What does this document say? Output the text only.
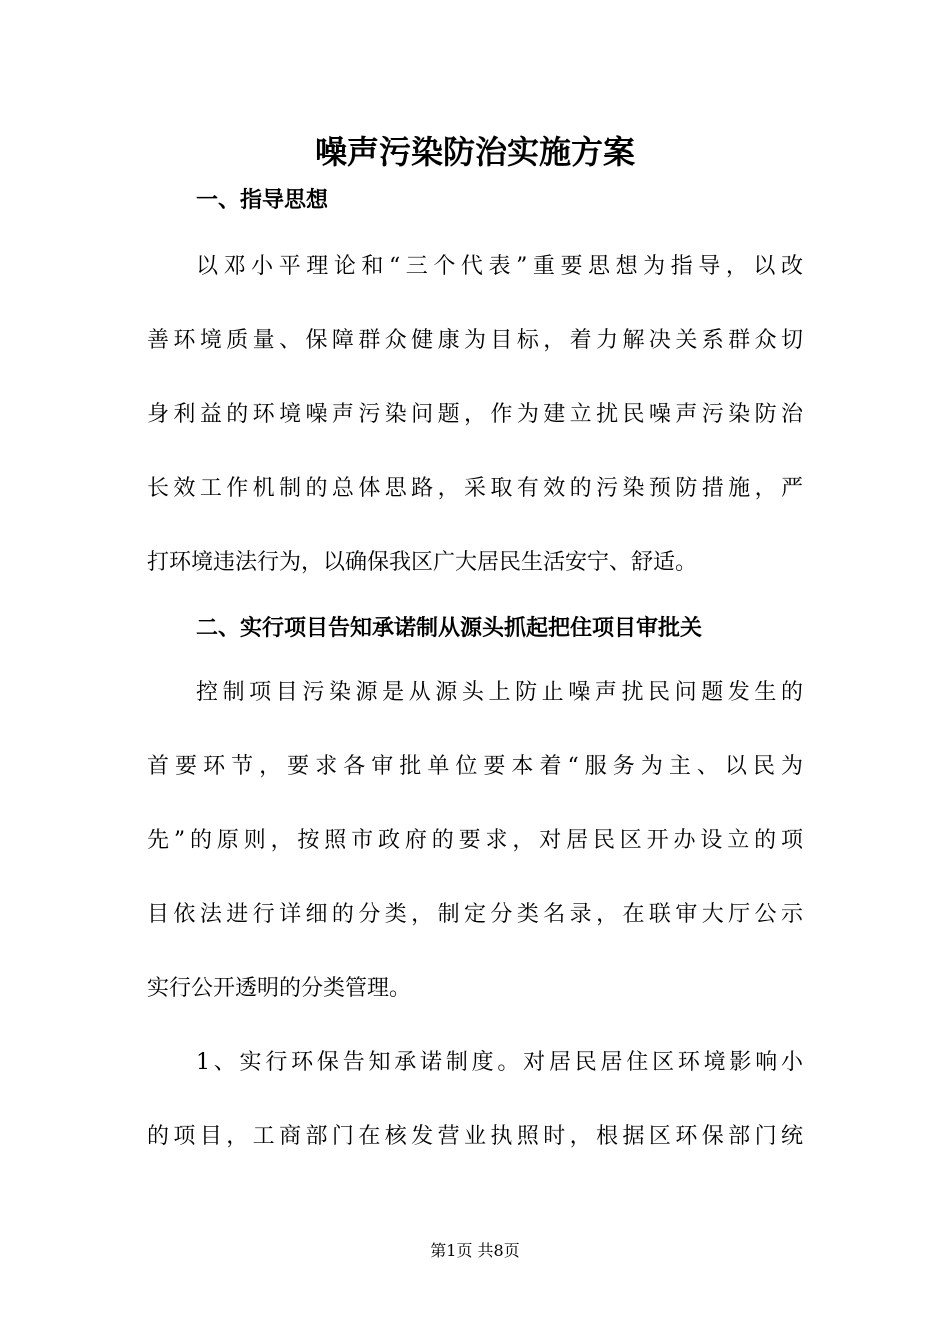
噪声污染防治实施方案
一、指导思想

以邓小平理论和“三个代表”重要思想为指导，以改

善环境质量、保障群众健康为目标，着力解决关系群众切

身利益的环境噪声污染问题，作为建立扰民噪声污染防治

长效工作机制的总体思路，采取有效的污染预防措施，严

打环境违法行为，以确保我区广大居民生活安宁、舒适。

二、实行项目告知承诺制从源头抓起把住项目审批关

控制项目污染源是从源头上防止噪声扰民问题发生的

首要环节，要求各审批单位要本着“服务为主、以民为

先”的原则，按照市政府的要求，对居民区开办设立的项

目依法进行详细的分类，制定分类名录，在联审大厅公示

实行公开透明的分类管理。

1、实行环保告知承诺制度。对居民居住区环境影响小

的项目，工商部门在核发营业执照时，根据区环保部门统

第1页 共8页
